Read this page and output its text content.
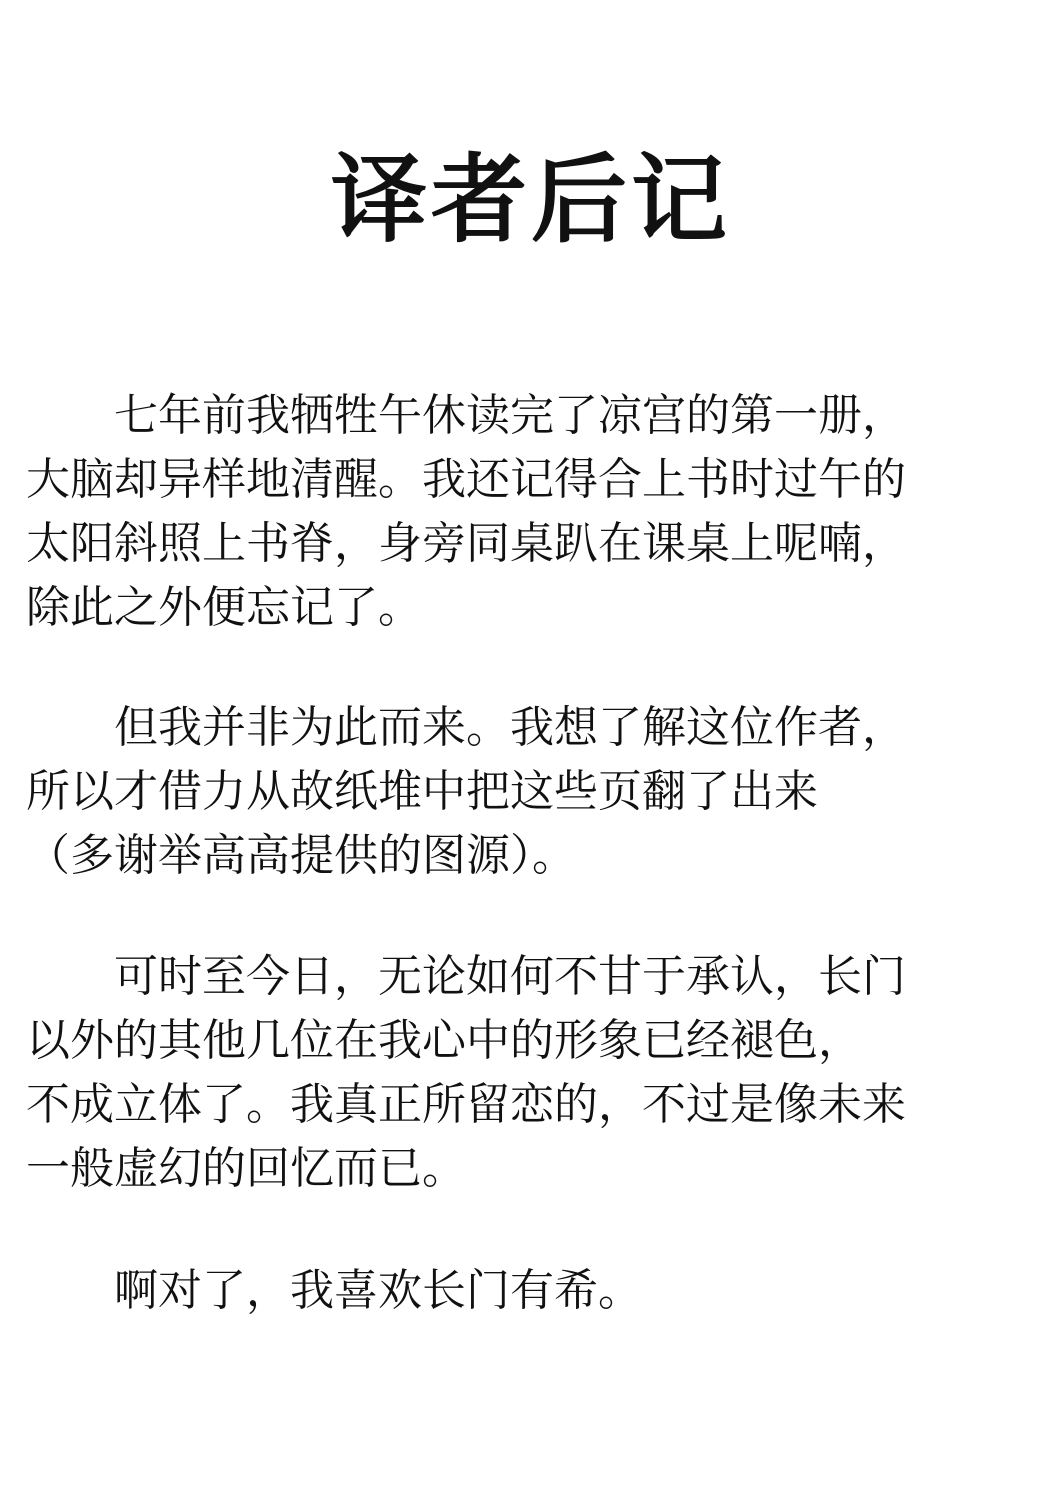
译者后记

七年前我牺牲午休读完了凉宫的第一册，
大脑却异样地清醒。我还记得合上书时过午的
太阳斜照上书脊，身旁同桌趴在课桌上呢喃，
除此之外便忘记了。

但我并非为此而来。我想了解这位作者，
所以才借力从故纸堆中把这些页翻了出来
（多谢举高高提供的图源）。

可时至今日，无论如何不甘于承认，长门
以外的其他几位在我心中的形象已经褪色，
不成立体了。我真正所留恋的，不过是像未来
一般虚幻的回忆而已。

啊对了，我喜欢长门有希。
